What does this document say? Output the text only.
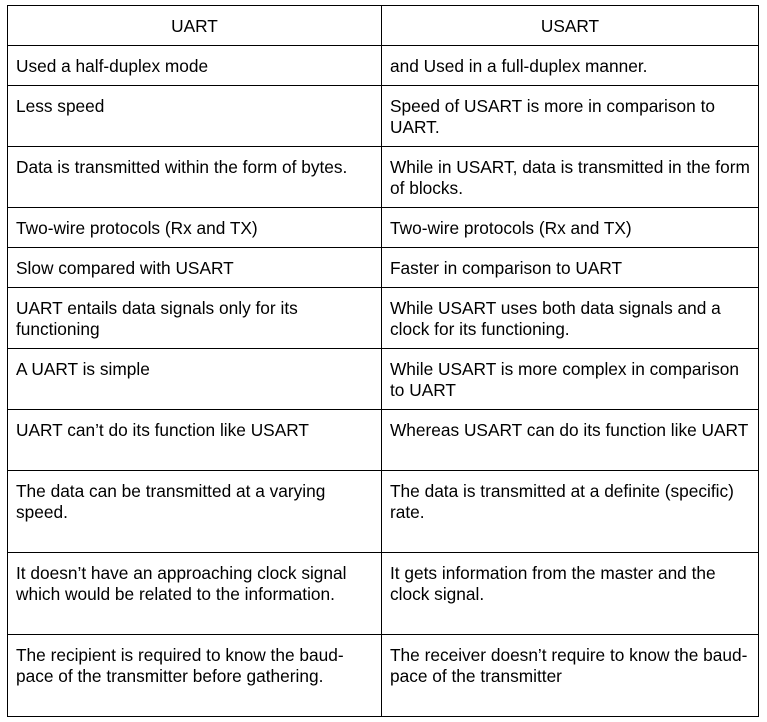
UART	USART
Used a half-duplex mode	and Used in a full-duplex manner.
Less speed	Speed of USART is more in comparison to UART.
Data is transmitted within the form of bytes.	While in USART, data is transmitted in the form of blocks.
Two-wire protocols (Rx and TX)	Two-wire protocols (Rx and TX)
Slow compared with USART	Faster in comparison to UART
UART entails data signals only for its functioning	While USART uses both data signals and a clock for its functioning.
A UART is simple	While USART is more complex in comparison to UART
UART can’t do its function like USART	Whereas USART can do its function like UART
The data can be transmitted at a varying speed.	The data is transmitted at a definite (specific) rate.
It doesn’t have an approaching clock signal which would be related to the information.	It gets information from the master and the clock signal.
The recipient is required to know the baud-pace of the transmitter before gathering.	The receiver doesn’t require to know the baud-pace of the transmitter
